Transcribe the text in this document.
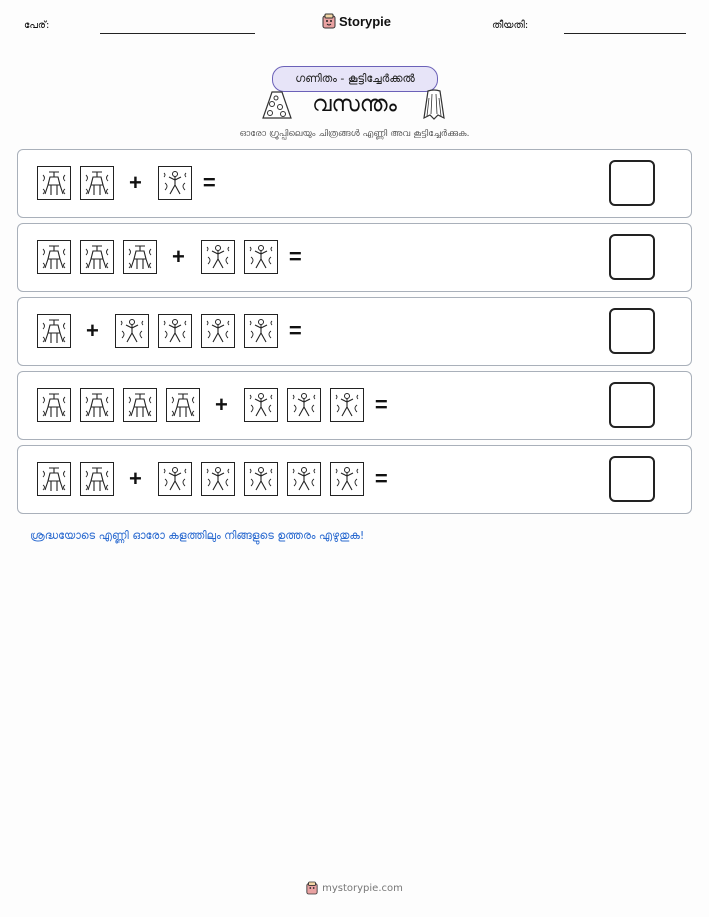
പേര്:	Storypie	തീയതി:
ഗണിതം - കൂട്ടിച്ചേർക്കൽ
വസന്തം
ഓരോ ഗ്രൂപ്പിലെയും ചിത്രങ്ങൾ എണ്ണി അവ കൂട്ടിച്ചേർക്കുക.
+	=
+	=
+	=
+	=
+	=
ശ്രദ്ധയോടെ എണ്ണി ഓരോ കളത്തിലും നിങ്ങളുടെ ഉത്തരം എഴുതുക!
mystorypie.com
